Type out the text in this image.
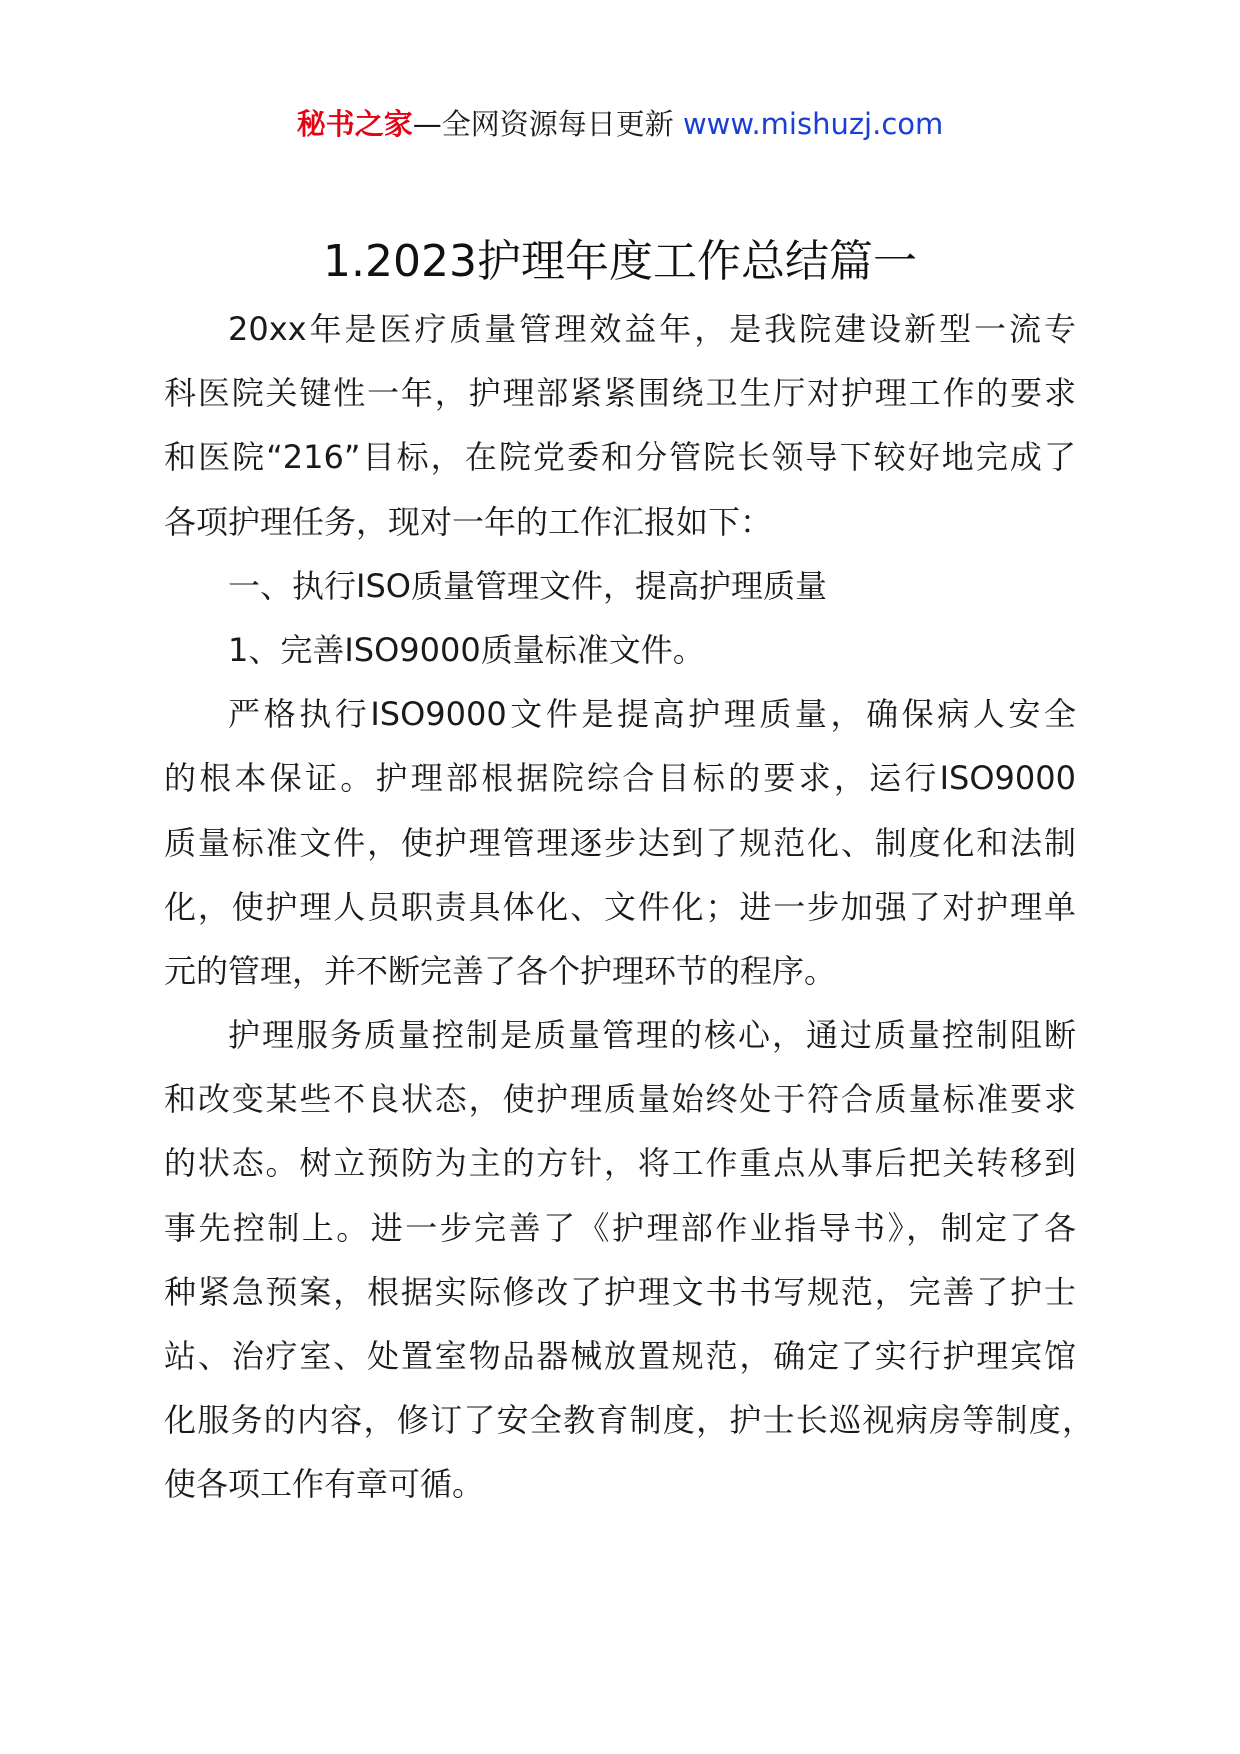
秘书之家—全网资源每日更新 www.mishuzj.com
1.2023护理年度工作总结篇一
20xx年是医疗质量管理效益年，是我院建设新型一流专
科医院关键性一年，护理部紧紧围绕卫生厅对护理工作的要求
和医院“216”目标，在院党委和分管院长领导下较好地完成了
各项护理任务，现对一年的工作汇报如下：
一、执行ISO质量管理文件，提高护理质量
1、完善ISO9000质量标准文件。
严格执行ISO9000文件是提高护理质量，确保病人安全
的根本保证。护理部根据院综合目标的要求，运行ISO9000
质量标准文件，使护理管理逐步达到了规范化、制度化和法制
化，使护理人员职责具体化、文件化；进一步加强了对护理单
元的管理，并不断完善了各个护理环节的程序。
护理服务质量控制是质量管理的核心，通过质量控制阻断
和改变某些不良状态，使护理质量始终处于符合质量标准要求
的状态。树立预防为主的方针，将工作重点从事后把关转移到
事先控制上。进一步完善了《护理部作业指导书》，制定了各
种紧急预案，根据实际修改了护理文书书写规范，完善了护士
站、治疗室、处置室物品器械放置规范，确定了实行护理宾馆
化服务的内容，修订了安全教育制度，护士长巡视病房等制度，
使各项工作有章可循。
